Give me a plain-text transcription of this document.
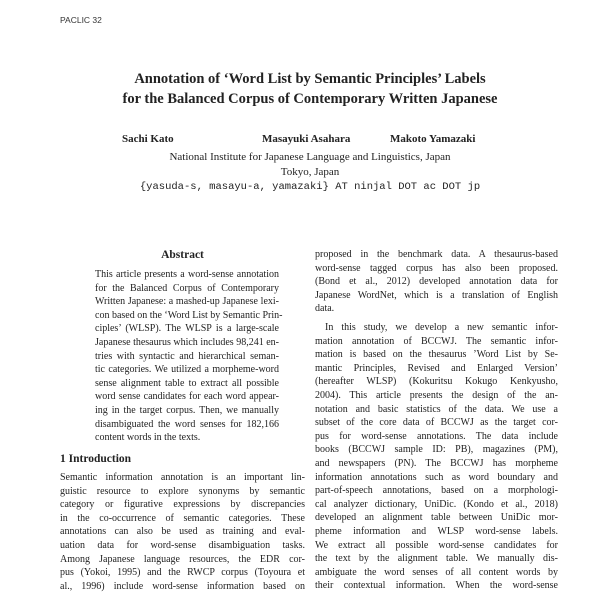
PACLIC 32
Annotation of ‘Word List by Semantic Principles’ Labels
for the Balanced Corpus of Contemporary Written Japanese
Sachi Kato	Masayuki Asahara	Makoto Yamazaki
National Institute for Japanese Language and Linguistics, Japan
Tokyo, Japan
{yasuda-s, masayu-a, yamazaki} AT ninjal DOT ac DOT jp
Abstract
This article presents a word-sense annotation
for the Balanced Corpus of Contemporary
Written Japanese: a mashed-up Japanese lexi-
con based on the ‘Word List by Semantic Prin-
ciples’ (WLSP). The WLSP is a large-scale
Japanese thesaurus which includes 98,241 en-
tries with syntactic and hierarchical seman-
tic categories. We utilized a morpheme-word
sense alignment table to extract all possible
word sense candidates for each word appear-
ing in the target corpus. Then, we manually
disambiguated the word senses for 182,166
content words in the texts.
1 Introduction
Semantic information annotation is an important lin-
guistic resource to explore synonyms by semantic
category or figurative expressions by discrepancies
in the co-occurrence of semantic categories. These
annotations can also be used as training and eval-
uation data for word-sense disambiguation tasks.
Among Japanese language resources, the EDR cor-
pus (Yokoi, 1995) and the RWCP corpus (Toyoura et
al., 1996) include word-sense information based on
proposed in the benchmark data. A thesaurus-based
word-sense tagged corpus has also been proposed.
(Bond et al., 2012) developed annotation data for
Japanese WordNet, which is a translation of English
data.
In this study, we develop a new semantic infor-
mation annotation of BCCWJ. The semantic infor-
mation is based on the thesaurus ’Word List by Se-
mantic Principles, Revised and Enlarged Version’
(hereafter WLSP) (Kokuritsu Kokugo Kenkyusho,
2004). This article presents the design of the an-
notation and basic statistics of the data. We use a
subset of the core data of BCCWJ as the target cor-
pus for word-sense annotations. The data include
books (BCCWJ sample ID: PB), magazines (PM),
and newspapers (PN). The BCCWJ has morpheme
information annotations such as word boundary and
part-of-speech annotations, based on a morphologi-
cal analyzer dictionary, UniDic. (Kondo et al., 2018)
developed an alignment table between UniDic mor-
pheme information and WLSP word-sense labels.
We extract all possible word-sense candidates for
the text by the alignment table. We manually dis-
ambiguate the word senses of all content words by
their contextual information. When the word-sense
